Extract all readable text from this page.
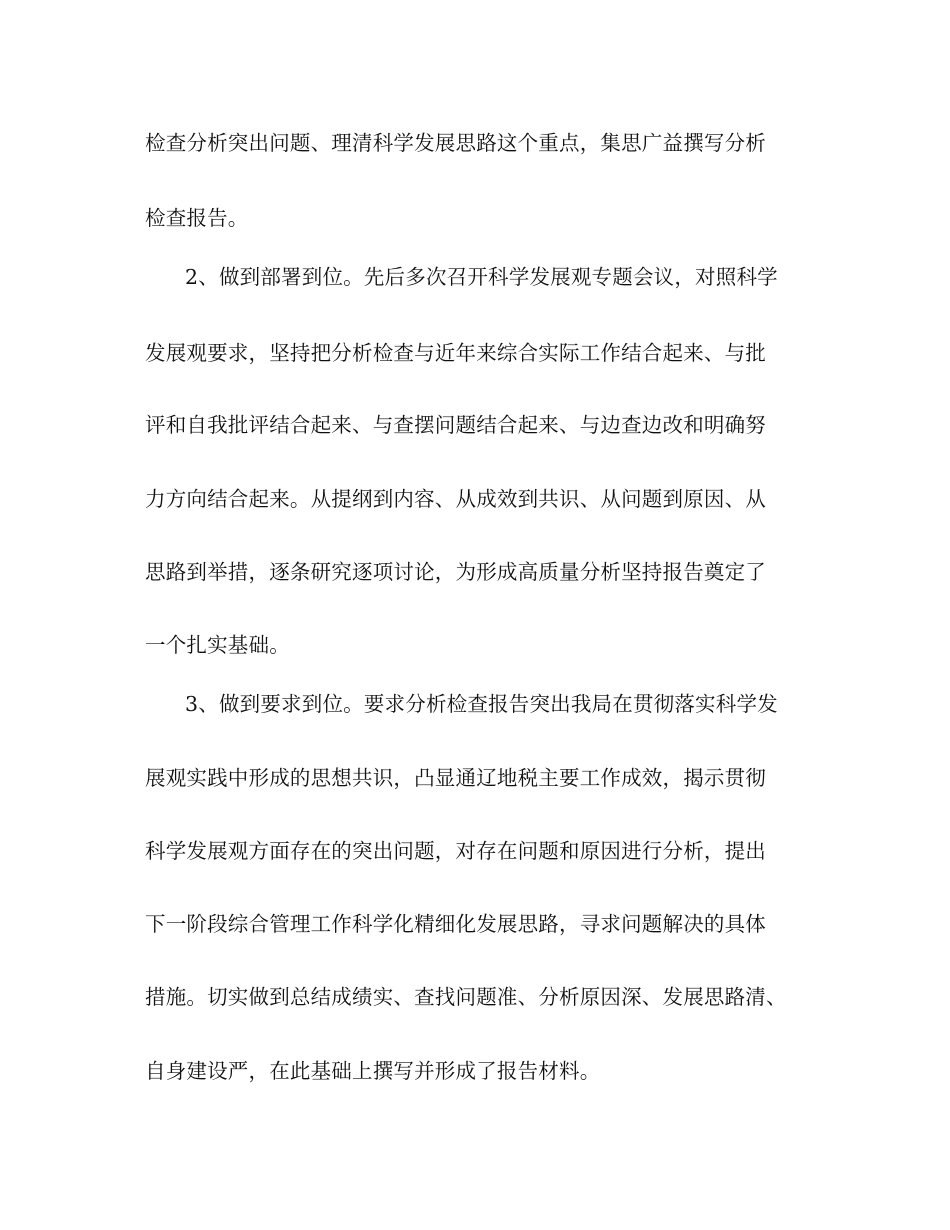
检查分析突出问题、理清科学发展思路这个重点，集思广益撰写分析
检查报告。
2、做到部署到位。先后多次召开科学发展观专题会议，对照科学
发展观要求，坚持把分析检查与近年来综合实际工作结合起来、与批
评和自我批评结合起来、与查摆问题结合起来、与边查边改和明确努
力方向结合起来。从提纲到内容、从成效到共识、从问题到原因、从
思路到举措，逐条研究逐项讨论，为形成高质量分析坚持报告奠定了
一个扎实基础。
3、做到要求到位。要求分析检查报告突出我局在贯彻落实科学发
展观实践中形成的思想共识，凸显通辽地税主要工作成效，揭示贯彻
科学发展观方面存在的突出问题，对存在问题和原因进行分析，提出
下一阶段综合管理工作科学化精细化发展思路，寻求问题解决的具体
措施。切实做到总结成绩实、查找问题准、分析原因深、发展思路清、
自身建设严，在此基础上撰写并形成了报告材料。
